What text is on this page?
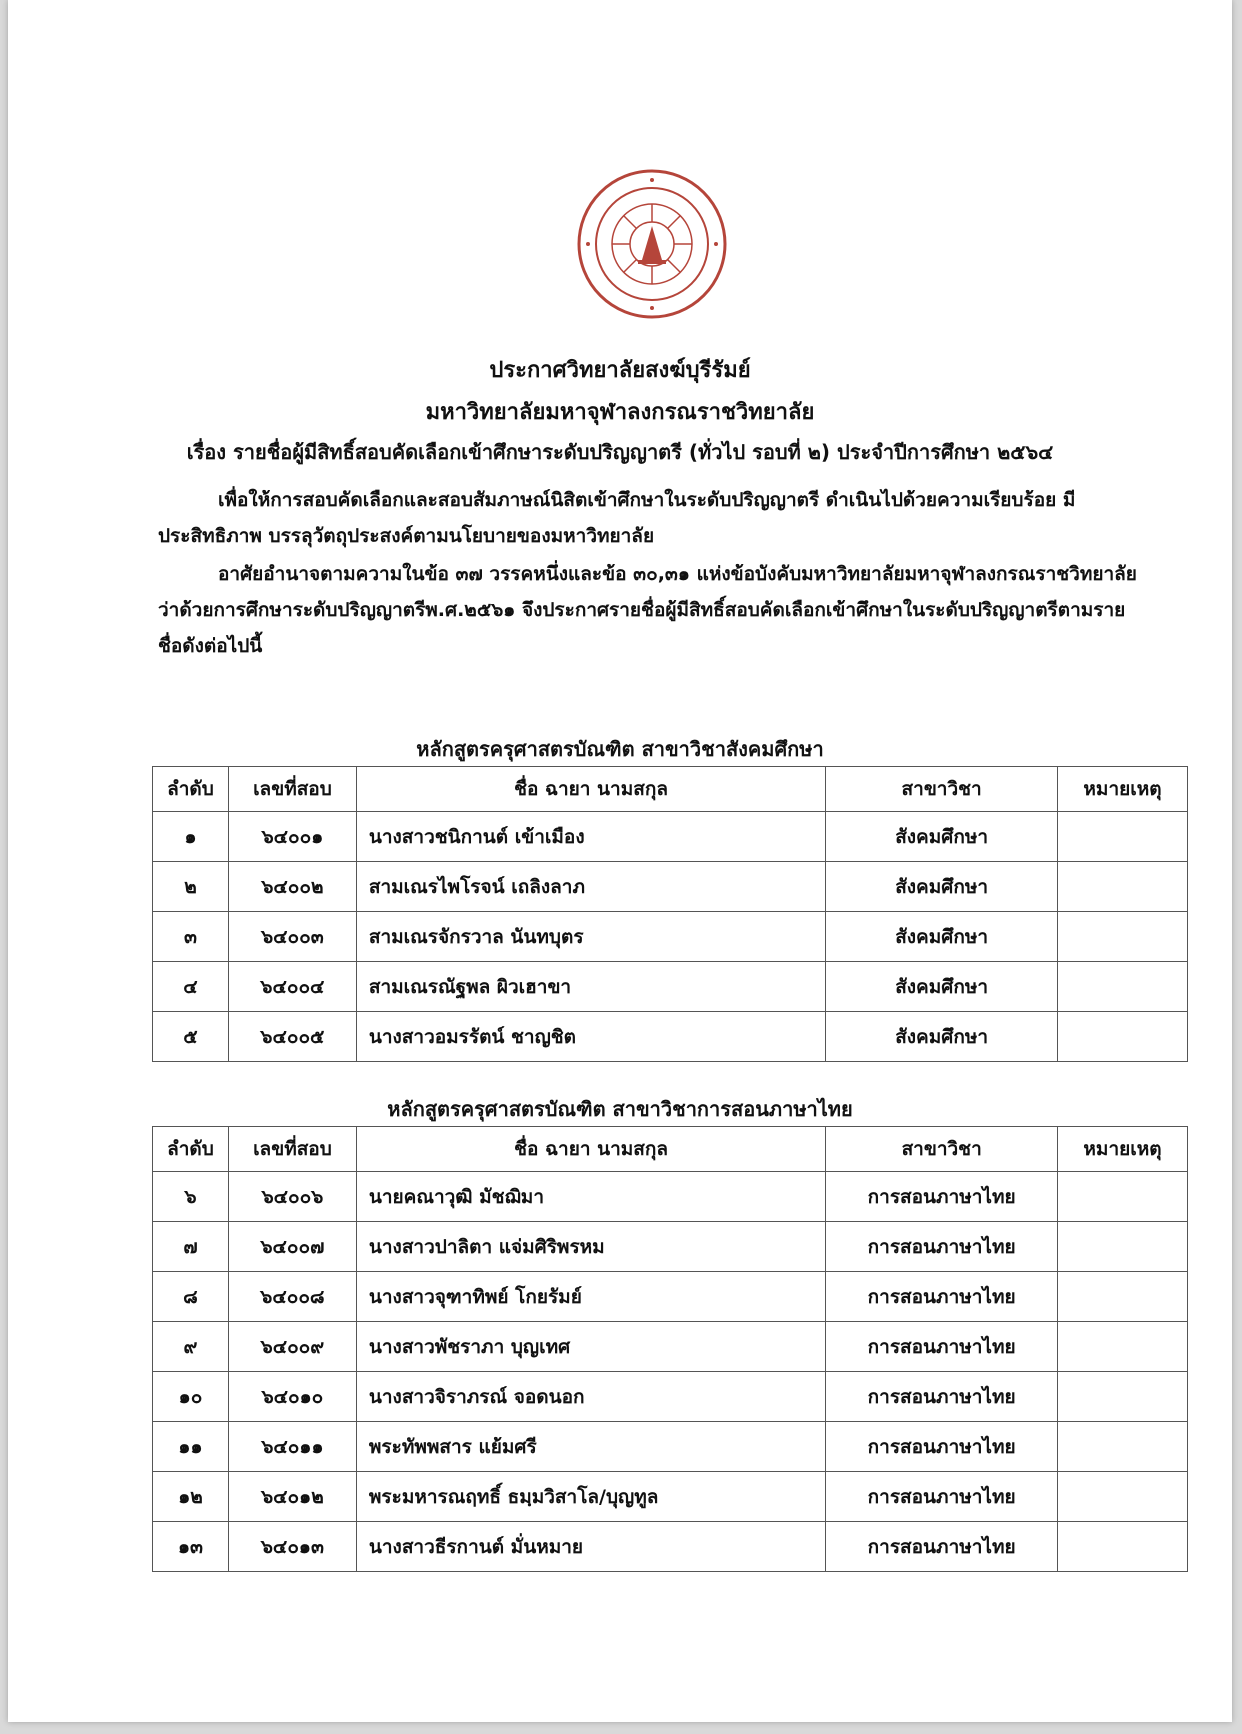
ประกาศวิทยาลัยสงฆ์บุรีรัมย์
มหาวิทยาลัยมหาจุฬาลงกรณราชวิทยาลัย
เรื่อง รายชื่อผู้มีสิทธิ์สอบคัดเลือกเข้าศึกษาระดับปริญญาตรี (ทั่วไป รอบที่ ๒) ประจำปีการศึกษา ๒๕๖๔
เพื่อให้การสอบคัดเลือกและสอบสัมภาษณ์นิสิตเข้าศึกษาในระดับปริญญาตรี ดำเนินไปด้วยความเรียบร้อย มีประสิทธิภาพ บรรลุวัตถุประสงค์ตามนโยบายของมหาวิทยาลัย
อาศัยอำนาจตามความในข้อ ๓๗ วรรคหนึ่งและข้อ ๓๐,๓๑ แห่งข้อบังคับมหาวิทยาลัยมหาจุฬาลงกรณราชวิทยาลัยว่าด้วยการศึกษาระดับปริญญาตรีพ.ศ.๒๕๖๑ จึงประกาศรายชื่อผู้มีสิทธิ์สอบคัดเลือกเข้าศึกษาในระดับปริญญาตรีตามรายชื่อดังต่อไปนี้
หลักสูตรครุศาสตรบัณฑิต สาขาวิชาสังคมศึกษา
ลำดับ	เลขที่สอบ	ชื่อ ฉายา นามสกุล	สาขาวิชา	หมายเหตุ
๑	๖๔๐๐๑	นางสาวชนิกานต์ เข้าเมือง	สังคมศึกษา	
๒	๖๔๐๐๒	สามเณรไพโรจน์ เถลิงลาภ	สังคมศึกษา	
๓	๖๔๐๐๓	สามเณรจักรวาล นันทบุตร	สังคมศึกษา	
๔	๖๔๐๐๔	สามเณรณัฐพล ผิวเฮาขา	สังคมศึกษา	
๕	๖๔๐๐๕	นางสาวอมรรัตน์ ชาญชิต	สังคมศึกษา	
หลักสูตรครุศาสตรบัณฑิต สาขาวิชาการสอนภาษาไทย
ลำดับ	เลขที่สอบ	ชื่อ ฉายา นามสกุล	สาขาวิชา	หมายเหตุ
๖	๖๔๐๐๖	นายคณาวุฒิ มัชฌิมา	การสอนภาษาไทย	
๗	๖๔๐๐๗	นางสาวปาลิตา แจ่มศิริพรหม	การสอนภาษาไทย	
๘	๖๔๐๐๘	นางสาวจุฑาทิพย์ โกยรัมย์	การสอนภาษาไทย	
๙	๖๔๐๐๙	นางสาวพัชราภา บุญเทศ	การสอนภาษาไทย	
๑๐	๖๔๐๑๐	นางสาวจิราภรณ์ จอดนอก	การสอนภาษาไทย	
๑๑	๖๔๐๑๑	พระทัพพสาร แย้มศรี	การสอนภาษาไทย	
๑๒	๖๔๐๑๒	พระมหารณฤทธิ์ ธมฺมวิสาโล/บุญทูล	การสอนภาษาไทย	
๑๓	๖๔๐๑๓	นางสาวธีรกานต์ มั่นหมาย	การสอนภาษาไทย	
